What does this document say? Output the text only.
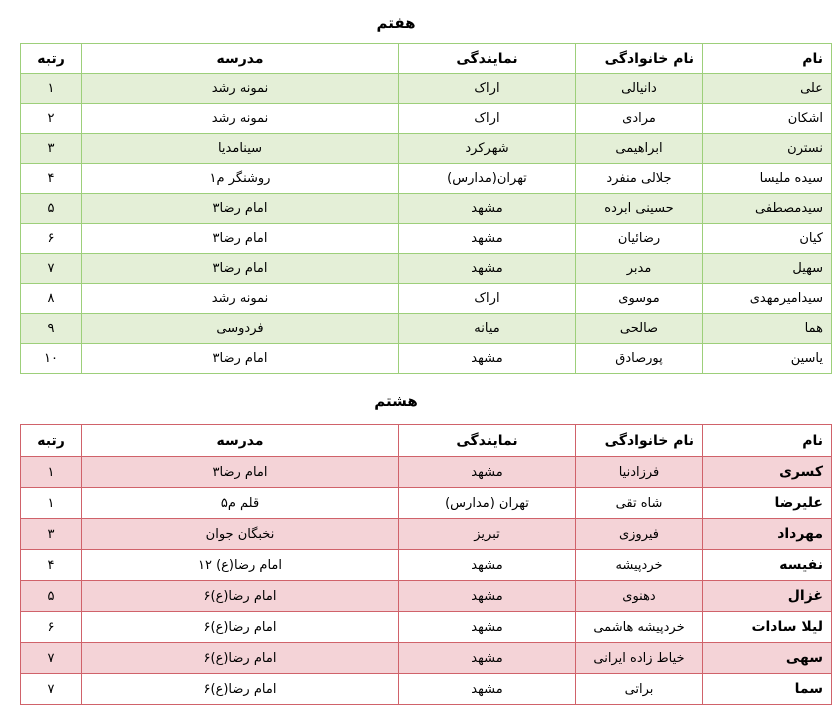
هفتم
نام	نام خانوادگی	نمایندگی	مدرسه	رتبه
علی	دانیالی	اراک	نمونه رشد	۱
اشکان	مرادی	اراک	نمونه رشد	۲
نسترن	ابراهیمی	شهرکرد	سینامدیا	۳
سیده ملیسا	جلالی منفرد	تهران(مدارس)	روشنگر م۱	۴
سیدمصطفی	حسینی ابرده	مشهد	امام رضا۳	۵
کیان	رضائیان	مشهد	امام رضا۳	۶
سهیل	مدبر	مشهد	امام رضا۳	۷
سیدامیرمهدی	موسوی	اراک	نمونه رشد	۸
هما	صالحی	میانه	فردوسی	۹
یاسین	پورصادق	مشهد	امام رضا۳	۱۰
هشتم
نام	نام خانوادگی	نمایندگی	مدرسه	رتبه
کسری	فرزادنیا	مشهد	امام رضا۳	۱
علیرضا	شاه تقی	تهران (مدارس)	قلم م۵	۱
مهرداد	فیروزی	تبریز	نخبگان جوان	۳
نفیسه	خردپیشه	مشهد	امام رضا(ع) ۱۲	۴
غزال	دهنوی	مشهد	امام رضا(ع)۶	۵
لیلا سادات	خردپیشه هاشمی	مشهد	امام رضا(ع)۶	۶
سهی	خیاط زاده ایرانی	مشهد	امام رضا(ع)۶	۷
سما	براتی	مشهد	امام رضا(ع)۶	۷
